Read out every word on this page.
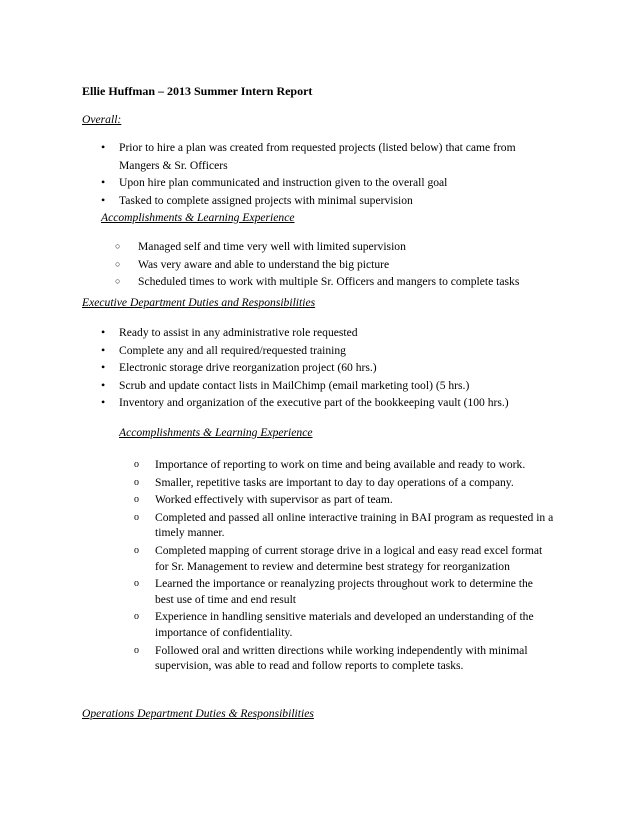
Ellie Huffman – 2013 Summer Intern Report
Overall:
• Prior to hire a plan was created from requested projects (listed below) that came from Mangers & Sr. Officers
• Upon hire plan communicated and instruction given to the overall goal
• Tasked to complete assigned projects with minimal supervision
Accomplishments & Learning Experience
○ Managed self and time very well with limited supervision
○ Was very aware and able to understand the big picture
○ Scheduled times to work with multiple Sr. Officers and mangers to complete tasks
Executive Department Duties and Responsibilities
• Ready to assist in any administrative role requested
• Complete any and all required/requested training
• Electronic storage drive reorganization project (60 hrs.)
• Scrub and update contact lists in MailChimp (email marketing tool) (5 hrs.)
• Inventory and organization of the executive part of the bookkeeping vault (100 hrs.)
Accomplishments & Learning Experience
o Importance of reporting to work on time and being available and ready to work.
o Smaller, repetitive tasks are important to day to day operations of a company.
o Worked effectively with supervisor as part of team.
o Completed and passed all online interactive training in BAI program as requested in a timely manner.
o Completed mapping of current storage drive in a logical and easy read excel format for Sr. Management to review and determine best strategy for reorganization
o Learned the importance or reanalyzing projects throughout work to determine the best use of time and end result
o Experience in handling sensitive materials and developed an understanding of the importance of confidentiality.
o Followed oral and written directions while working independently with minimal supervision, was able to read and follow reports to complete tasks.
Operations Department Duties & Responsibilities
